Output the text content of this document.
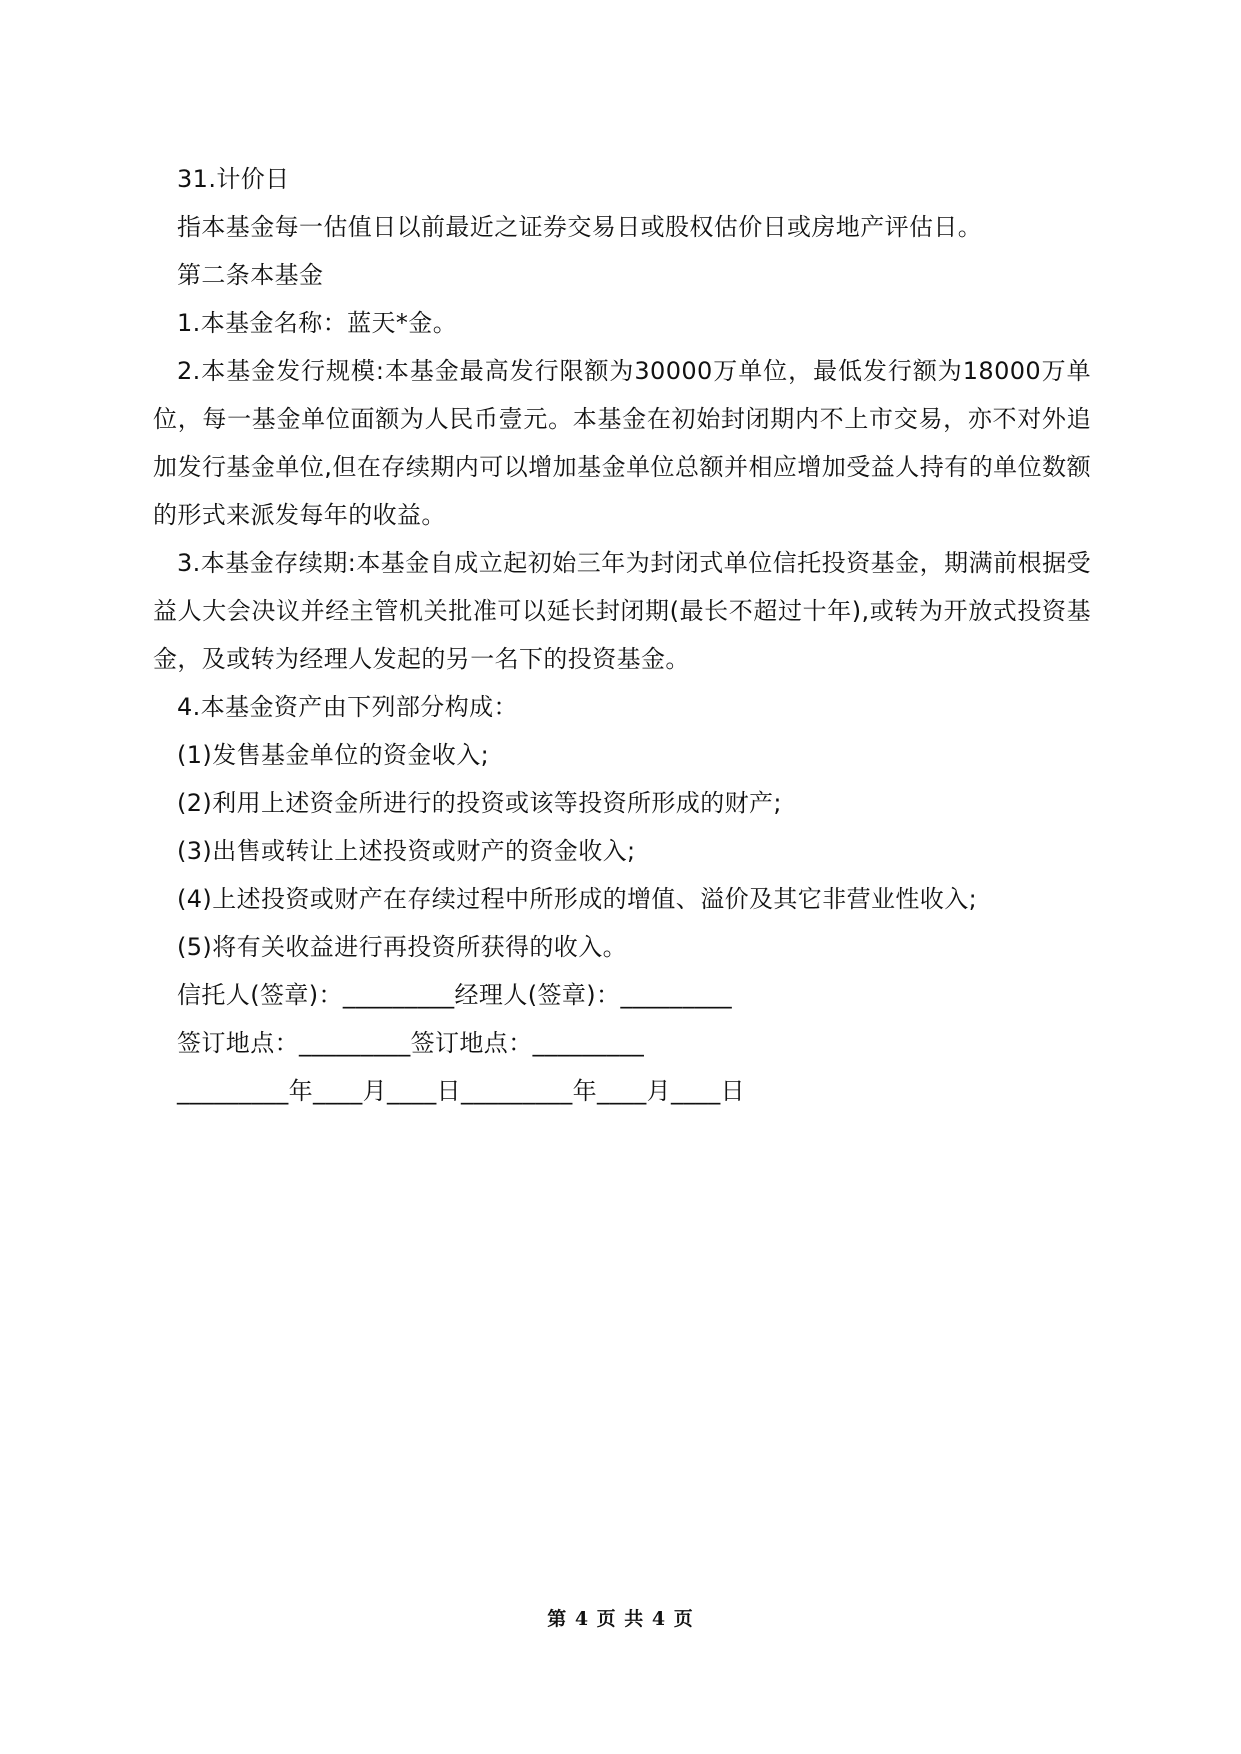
31.计价日
指本基金每一估值日以前最近之证券交易日或股权估价日或房地产评估日。
第二条本基金
1.本基金名称：蓝天*金。
2.本基金发行规模:本基金最高发行限额为30000万单位，最低发行额为18000万单位，每一基金单位面额为人民币壹元。本基金在初始封闭期内不上市交易，亦不对外追加发行基金单位,但在存续期内可以增加基金单位总额并相应增加受益人持有的单位数额的形式来派发每年的收益。
3.本基金存续期:本基金自成立起初始三年为封闭式单位信托投资基金，期满前根据受益人大会决议并经主管机关批准可以延长封闭期(最长不超过十年),或转为开放式投资基金，及或转为经理人发起的另一名下的投资基金。
4.本基金资产由下列部分构成：
(1)发售基金单位的资金收入;
(2)利用上述资金所进行的投资或该等投资所形成的财产;
(3)出售或转让上述投资或财产的资金收入;
(4)上述投资或财产在存续过程中所形成的增值、溢价及其它非营业性收入;
(5)将有关收益进行再投资所获得的收入。
信托人(签章)：_________经理人(签章)：_________
签订地点：_________签订地点：_________
_________年____月____日_________年____月____日
第 4 页 共 4 页
